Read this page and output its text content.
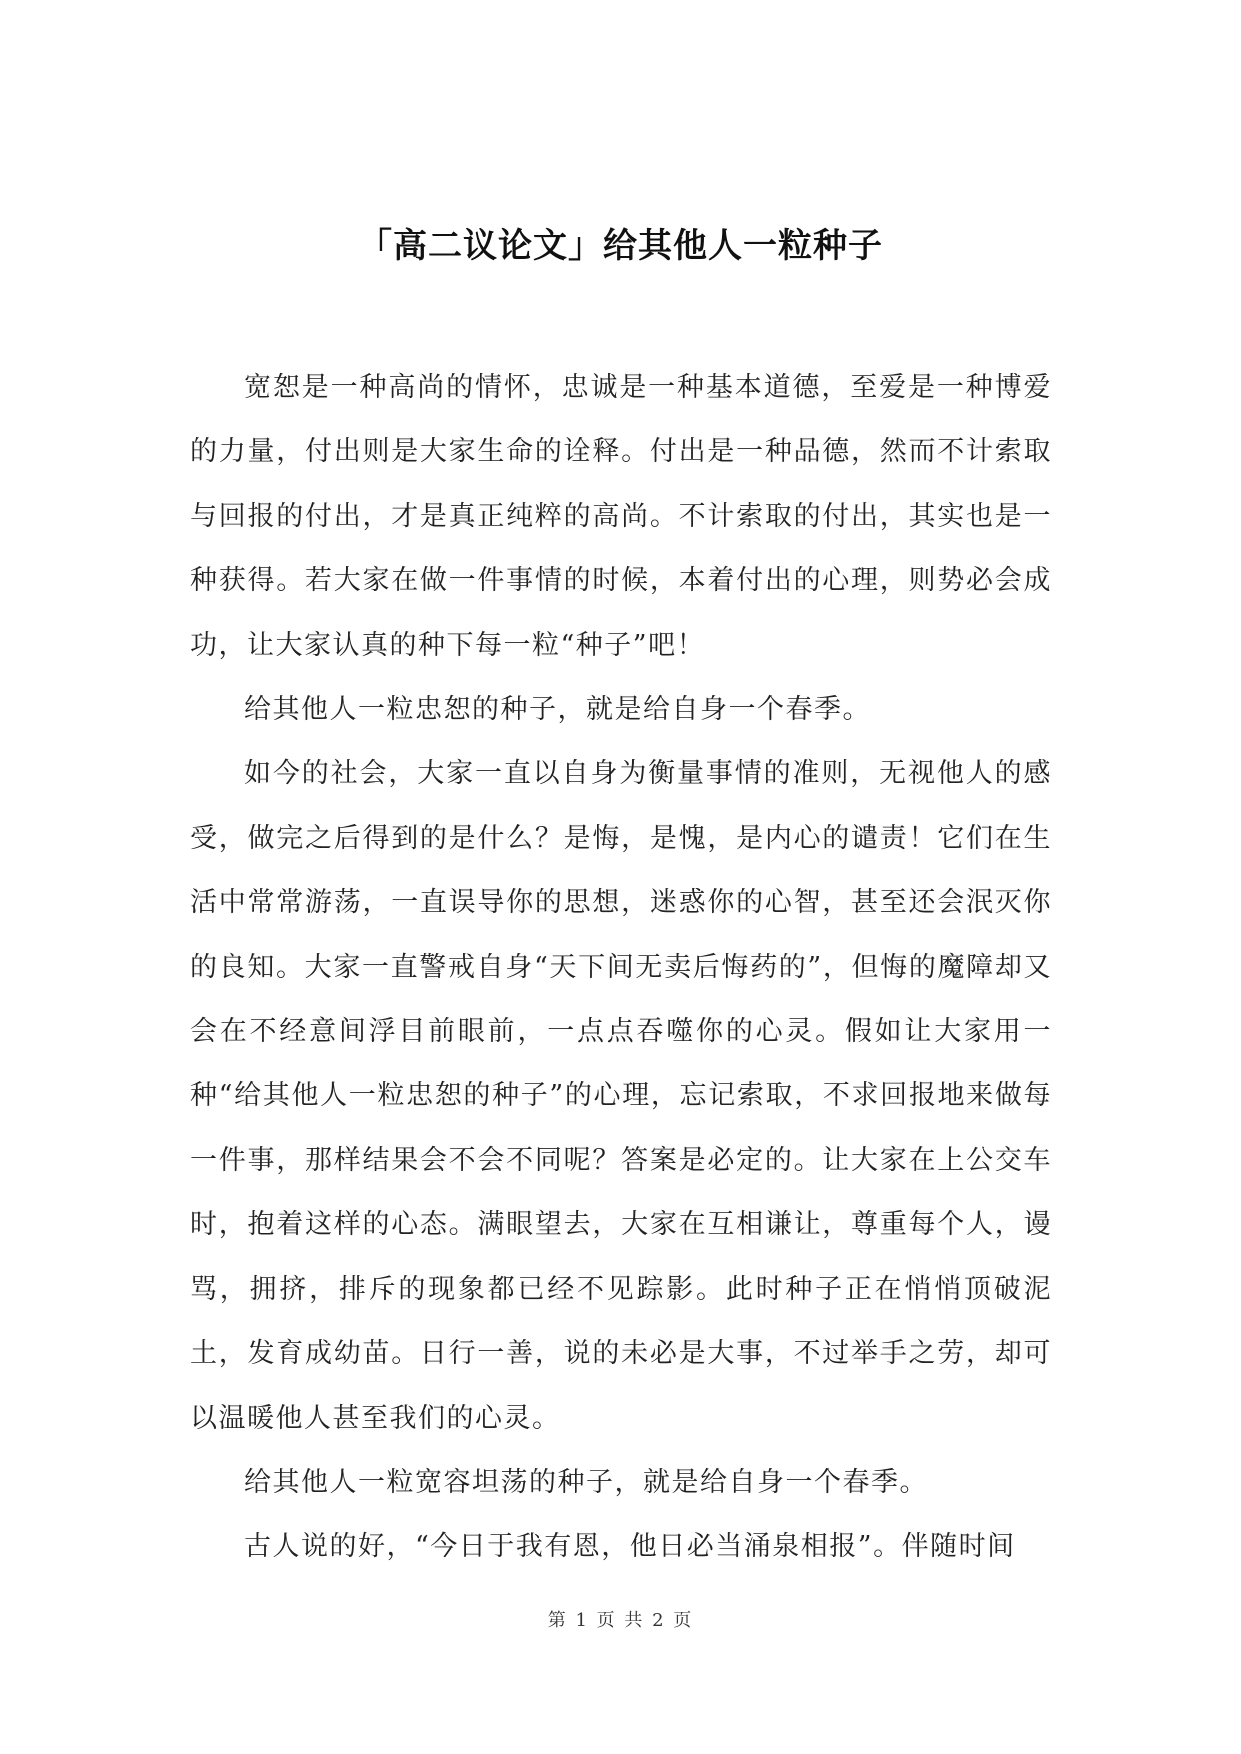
「高二议论文」给其他人一粒种子

宽恕是一种高尚的情怀，忠诚是一种基本道德，至爱是一种博爱的力量，付出则是大家生命的诠释。付出是一种品德，然而不计索取与回报的付出，才是真正纯粹的高尚。不计索取的付出，其实也是一种获得。若大家在做一件事情的时候，本着付出的心理，则势必会成功，让大家认真的种下每一粒“种子”吧！

给其他人一粒忠恕的种子，就是给自身一个春季。

如今的社会，大家一直以自身为衡量事情的准则，无视他人的感受，做完之后得到的是什么？是悔，是愧，是内心的谴责！它们在生活中常常游荡，一直误导你的思想，迷惑你的心智，甚至还会泯灭你的良知。大家一直警戒自身“天下间无卖后悔药的”，但悔的魔障却又会在不经意间浮目前眼前，一点点吞噬你的心灵。假如让大家用一种“给其他人一粒忠恕的种子”的心理，忘记索取，不求回报地来做每一件事，那样结果会不会不同呢？答案是必定的。让大家在上公交车时，抱着这样的心态。满眼望去，大家在互相谦让，尊重每个人，谩骂，拥挤，排斥的现象都已经不见踪影。此时种子正在悄悄顶破泥土，发育成幼苗。日行一善，说的未必是大事，不过举手之劳，却可以温暖他人甚至我们的心灵。

给其他人一粒宽容坦荡的种子，就是给自身一个春季。

古人说的好，“今日于我有恩，他日必当涌泉相报”。伴随时间

第 1 页 共 2 页
